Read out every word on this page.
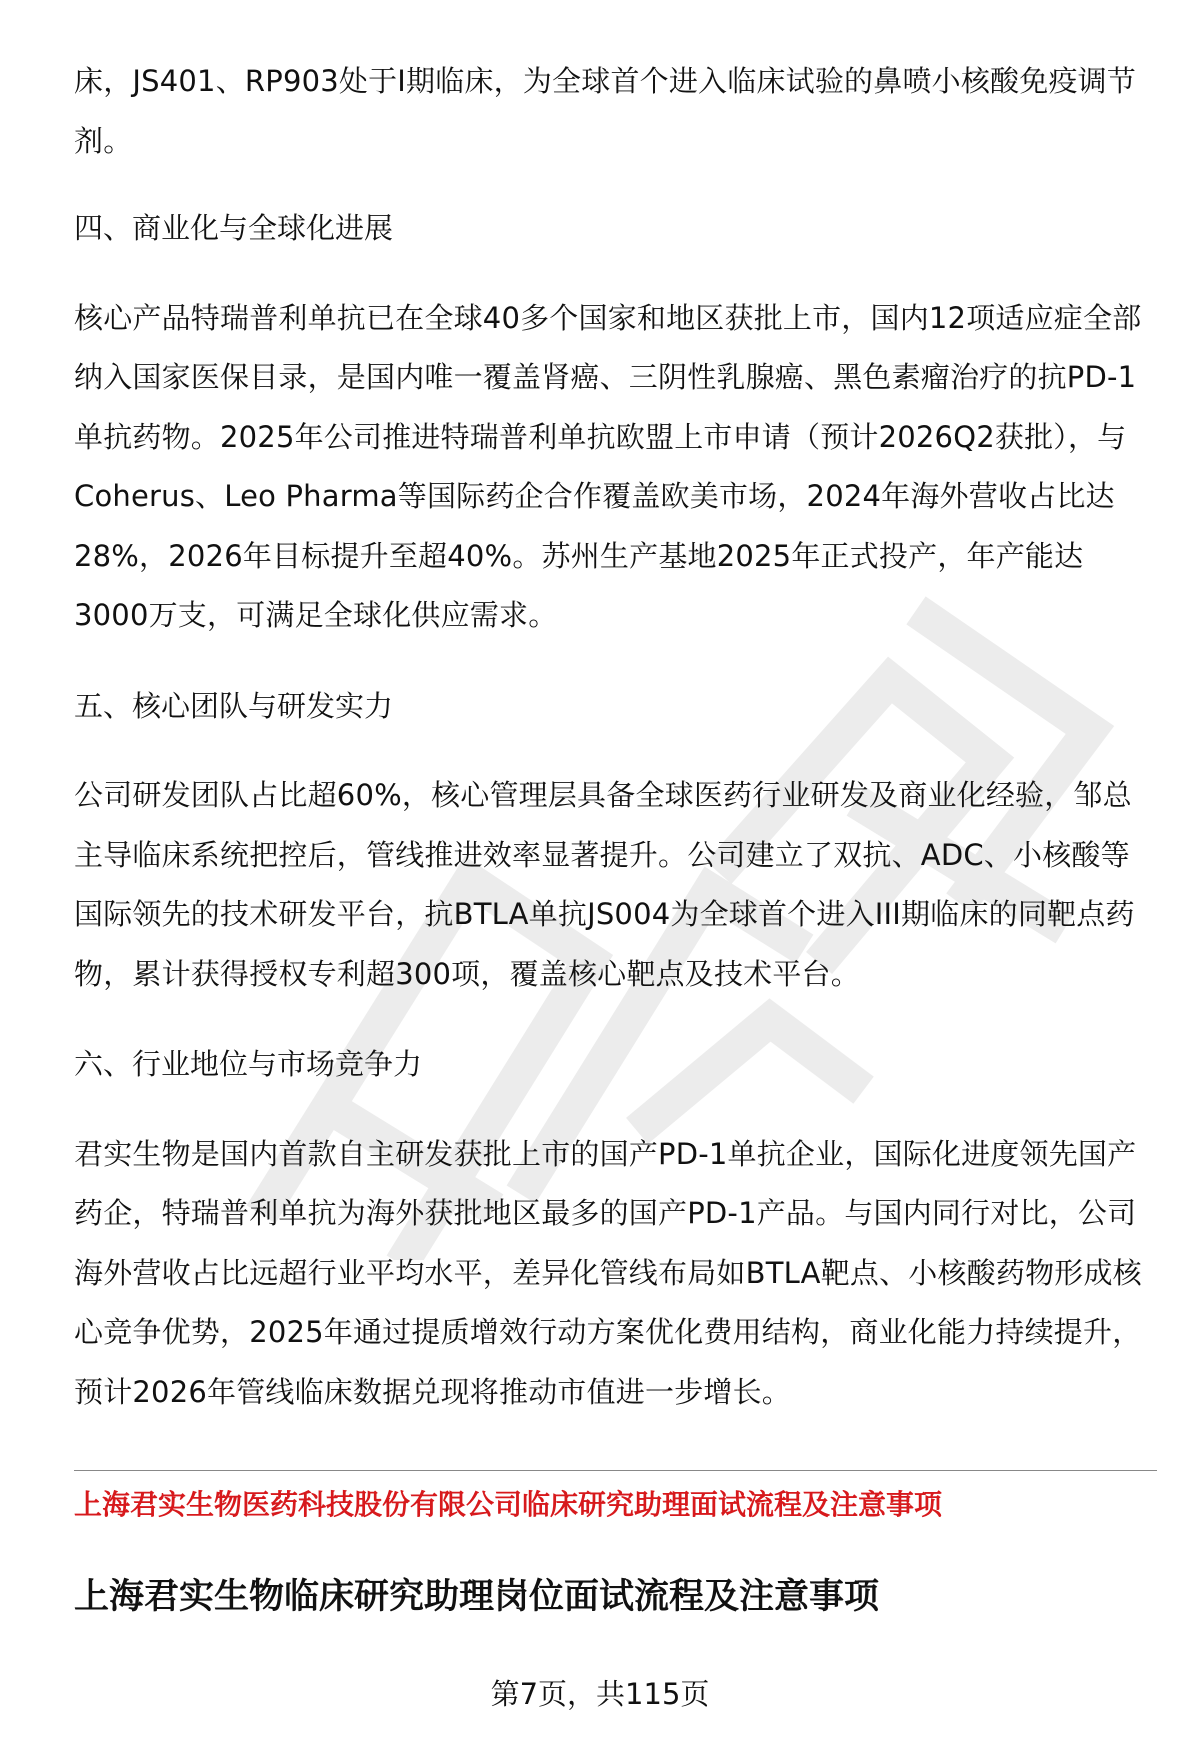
床，JS401、RP903处于I期临床，为全球首个进入临床试验的鼻喷小核酸免疫调节剂。

四、商业化与全球化进展

核心产品特瑞普利单抗已在全球40多个国家和地区获批上市，国内12项适应症全部纳入国家医保目录，是国内唯一覆盖肾癌、三阴性乳腺癌、黑色素瘤治疗的抗PD-1单抗药物。2025年公司推进特瑞普利单抗欧盟上市申请（预计2026Q2获批），与Coherus、Leo Pharma等国际药企合作覆盖欧美市场，2024年海外营收占比达28%，2026年目标提升至超40%。苏州生产基地2025年正式投产，年产能达3000万支，可满足全球化供应需求。

五、核心团队与研发实力

公司研发团队占比超60%，核心管理层具备全球医药行业研发及商业化经验，邹总主导临床系统把控后，管线推进效率显著提升。公司建立了双抗、ADC、小核酸等国际领先的技术研发平台，抗BTLA单抗JS004为全球首个进入III期临床的同靶点药物，累计获得授权专利超300项，覆盖核心靶点及技术平台。

六、行业地位与市场竞争力

君实生物是国内首款自主研发获批上市的国产PD-1单抗企业，国际化进度领先国产药企，特瑞普利单抗为海外获批地区最多的国产PD-1产品。与国内同行对比，公司海外营收占比远超行业平均水平，差异化管线布局如BTLA靶点、小核酸药物形成核心竞争优势，2025年通过提质增效行动方案优化费用结构，商业化能力持续提升，预计2026年管线临床数据兑现将推动市值进一步增长。

上海君实生物医药科技股份有限公司临床研究助理面试流程及注意事项
上海君实生物临床研究助理岗位面试流程及注意事项
第7页，共115页
